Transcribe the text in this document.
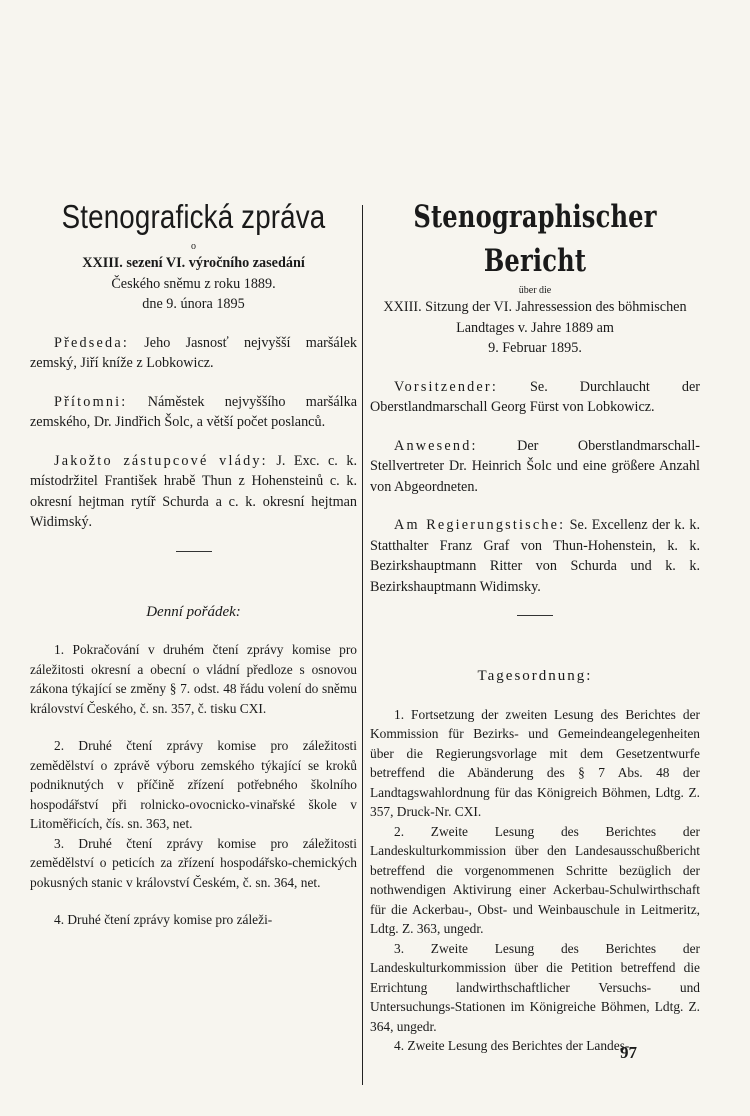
Stenografická zpráva
o
XXIII. sezení VI. výročního zasedání
Českého sněmu z roku 1889.
dne 9. února 1895

Předseda: Jeho Jasnosť nejvyšší maršálek zemský, Jiří kníže z Lobkowicz.

Přítomni: Náměstek nejvyššího maršálka zemského, Dr. Jindřich Šolc, a větší počet poslanců.

Jakožto zástupcové vlády: J. Exc. c. k. místodržitel František hrabě Thun z Hohensteinů c. k. okresní hejtman rytíř Schurda a c. k. okresní hejtman Widimský.

Denní pořádek:

1. Pokračování v druhém čtení zprávy komise pro záležitosti okresní a obecní o vládní předloze s osnovou zákona týkající se změny § 7. odst. 48 řádu volení do sněmu království Českého, č. sn. 357, č. tisku CXI.

2. Druhé čtení zprávy komise pro záležitosti zemědělství o zprávě výboru zemského týkající se kroků podniknutých v příčině zřízení potřebného školního hospodářství při rolnicko-ovocnicko-vinařské škole v Litoměřicích, čís. sn. 363, net.

3. Druhé čtení zprávy komise pro záležitosti zemědělství o peticích za zřízení hospodářsko-chemických pokusných stanic v království Českém, č. sn. 364, net.

4. Druhé čtení zprávy komise pro záleži-

Stenographischer Bericht
über die
XXIII. Sitzung der VI. Jahressession des böhmischen Landtages v. Jahre 1889 am
9. Februar 1895.

Vorsitzender: Se. Durchlaucht der Oberstlandmarschall Georg Fürst von Lobkowicz.

Anwesend:	Der Oberstlandmarschall-Stellvertreter Dr. Heinrich Šolc und eine größere Anzahl von Abgeordneten.

Am Regierungstische: Se. Excellenz der k. k. Statthalter Franz Graf von Thun-Hohenstein, k. k. Bezirkshauptmann Ritter von Schurda und k. k. Bezirkshauptmann Widimsky.

Tagesordnung:

1. Fortsetzung der zweiten Lesung des Berichtes der Kommission für Bezirks- und Gemeindeangelegenheiten über die Regierungsvorlage mit dem Gesetzentwurfe betreffend die Abänderung des § 7 Abs. 48 der Landtagswahlordnung für das Königreich Böhmen, Ldtg. Z. 357, Druck-Nr. CXI.

2. Zweite Lesung des Berichtes der Landeskulturkommission über den Landesausschußbericht betreffend die vorgenommenen Schritte bezüglich der nothwendigen Aktivirung einer Ackerbau-Schulwirthschaft für die Ackerbau-, Obst- und Weinbauschule in Leitmeritz, Ldtg. Z. 363, ungedr.

3. Zweite Lesung des Berichtes der Landeskulturkommission über die Petition betreffend die Errichtung landwirthschaftlicher Versuchs- und Untersuchungs-Stationen im Königreiche Böhmen, Ldtg. Z. 364, ungedr.

4. Zweite Lesung des Berichtes der Landes-

97
